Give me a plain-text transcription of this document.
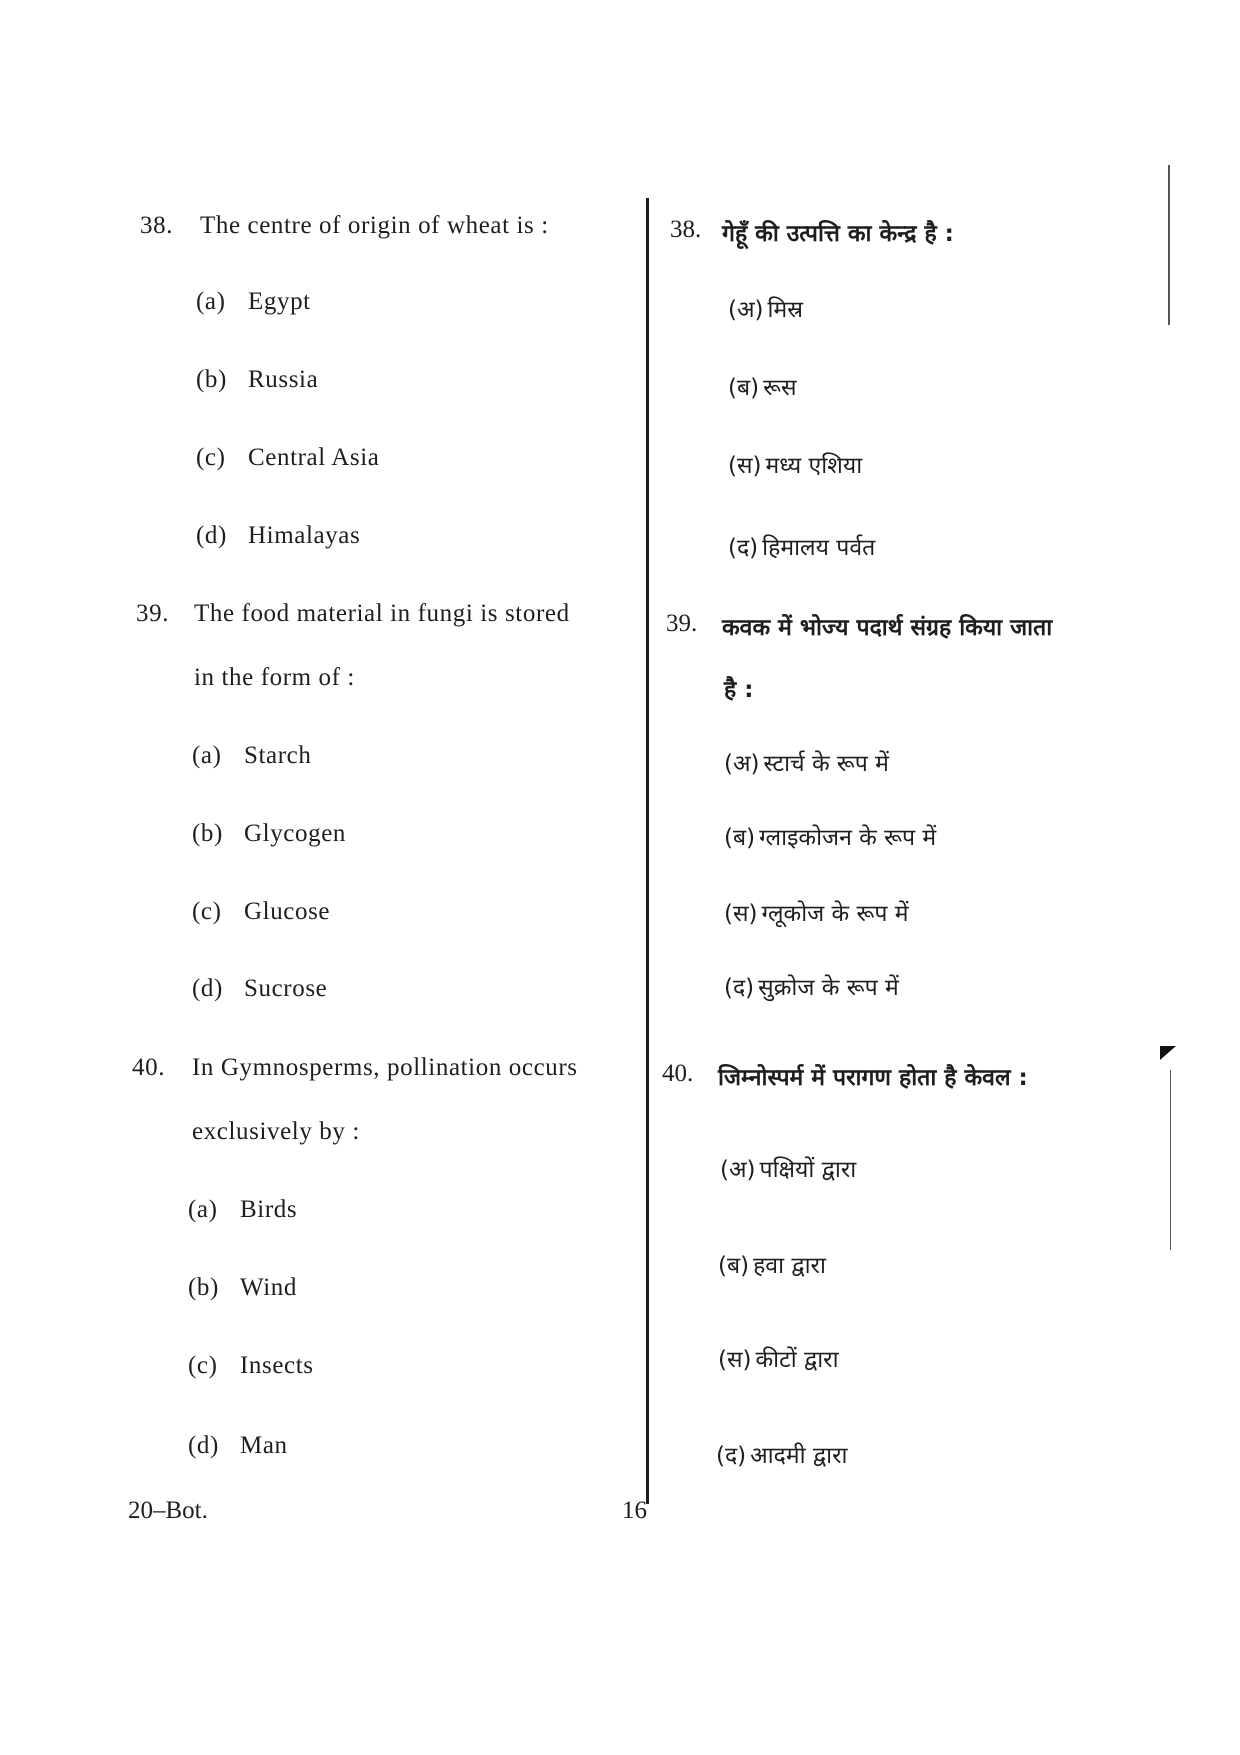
38. The centre of origin of wheat is :
(a) Egypt
(b) Russia
(c) Central Asia
(d) Himalayas
39. The food material in fungi is stored
in the form of :
(a) Starch
(b) Glycogen
(c) Glucose
(d) Sucrose
40. In Gymnosperms, pollination occurs
exclusively by :
(a) Birds
(b) Wind
(c) Insects
(d) Man
38. गेहूँ की उत्पत्ति का केन्द्र है :
(अ) मिस्र
(ब) रूस
(स) मध्य एशिया
(द) हिमालय पर्वत
39. कवक में भोज्य पदार्थ संग्रह किया जाता
है :
(अ) स्टार्च के रूप में
(ब) ग्लाइकोजन के रूप में
(स) ग्लूकोज के रूप में
(द) सुक्रोज के रूप में
40. जिम्नोस्पर्म में परागण होता है केवल :
(अ) पक्षियों द्वारा
(ब) हवा द्वारा
(स) कीटों द्वारा
(द) आदमी द्वारा
20–Bot.	16
